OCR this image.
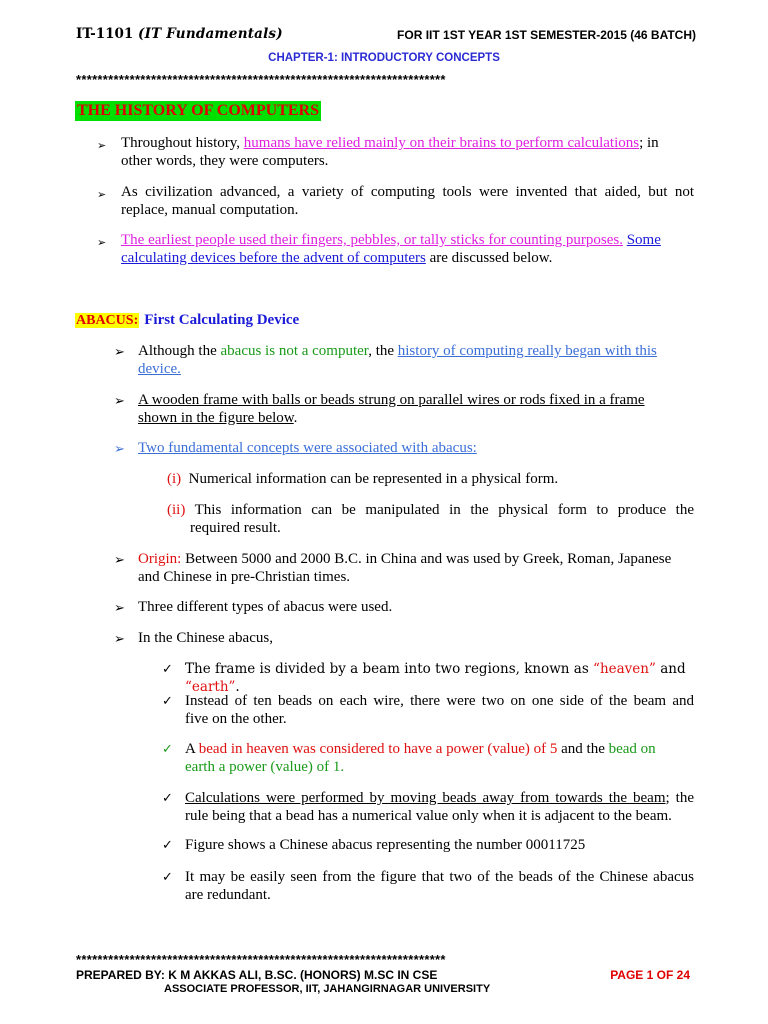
IT-1101 (IT Fundamentals)	FOR IIT 1ST YEAR 1ST SEMESTER-2015 (46 BATCH)
CHAPTER-1: INTRODUCTORY CONCEPTS
*********************************************************************
THE HISTORY OF COMPUTERS
➢ Throughout history, humans have relied mainly on their brains to perform calculations; in
other words, they were computers.
➢ As civilization advanced, a variety of computing tools were invented that aided, but not
replace, manual computation.
➢ The earliest people used their fingers, pebbles, or tally sticks for counting purposes. Some
calculating devices before the advent of computers are discussed below.
ABACUS: First Calculating Device
➢ Although the abacus is not a computer, the history of computing really began with this
device.
➢ A wooden frame with balls or beads strung on parallel wires or rods fixed in a frame
shown in the figure below.
➢ Two fundamental concepts were associated with abacus:
(i) Numerical information can be represented in a physical form.
(ii) This information can be manipulated in the physical form to produce the
required result.
➢ Origin: Between 5000 and 2000 B.C. in China and was used by Greek, Roman, Japanese
and Chinese in pre-Christian times.
➢ Three different types of abacus were used.
➢ In the Chinese abacus,
✓ The frame is divided by a beam into two regions, known as “heaven” and “earth”.
✓ Instead of ten beads on each wire, there were two on one side of the beam and
five on the other.
✓ A bead in heaven was considered to have a power (value) of 5 and the bead on
earth a power (value) of 1.
✓ Calculations were performed by moving beads away from towards the beam; the
rule being that a bead has a numerical value only when it is adjacent to the beam.
✓ Figure shows a Chinese abacus representing the number 00011725
✓ It may be easily seen from the figure that two of the beads of the Chinese abacus
are redundant.
*********************************************************************
PREPARED BY: K M AKKAS ALI, B.SC. (HONORS) M.SC IN CSE	PAGE 1 OF 24
ASSOCIATE PROFESSOR, IIT, JAHANGIRNAGAR UNIVERSITY
